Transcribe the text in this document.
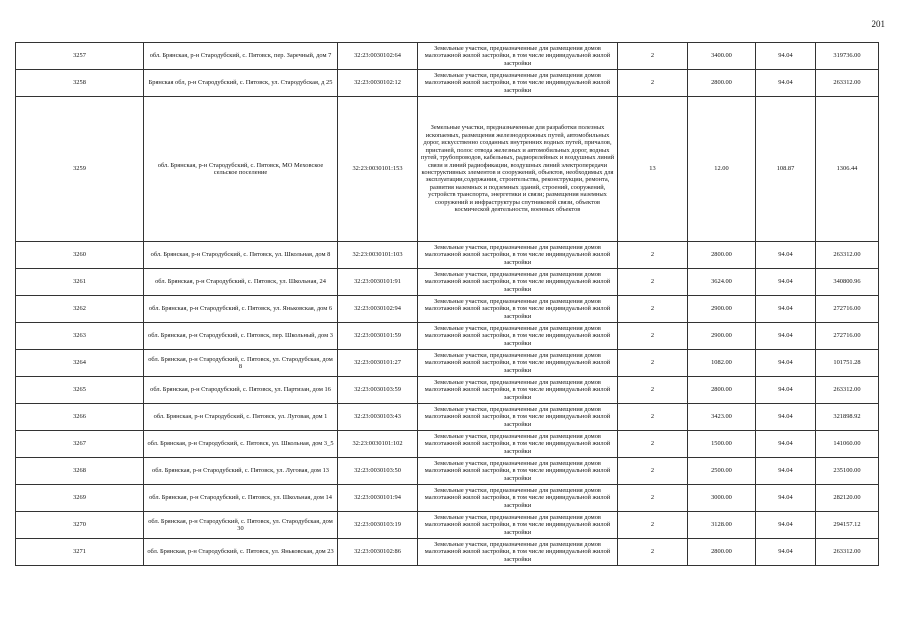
201
3257	обл. Брянская, р-н Стародубский, с. Пятовск, пер. Заречный, дом 7	32:23:0030102:64	Земельные участки, предназначенные для размещения домов малоэтажной жилой застройки, в том числе индивидуальной жилой застройки	2	3400.00	94.04	319736.00
3258	Брянская обл, р-н Стародубский, с. Пятовск, ул. Стародубская, д 25	32:23:0030102:12	Земельные участки, предназначенные для размещения домов малоэтажной жилой застройки, в том числе индивидуальной жилой застройки	2	2800.00	94.04	263312.00
3259	обл. Брянская, р-н Стародубский, с. Пятовск, МО Меховское сельское поселение	32:23:0030101:153	Земельные участки, предназначенные для разработки полезных ископаемых, размещения железнодорожных путей, автомобильных дорог, искусственно созданных внутренних водных путей, причалов, пристаней, полос отвода железных и автомобильных дорог, водных путей, трубопроводов, кабельных, радиорелейных и воздушных линий связи и линий радиофикации, воздушных линий электропередачи конструктивных элементов и сооружений, объектов, необходимых для эксплуатации,содержания, строительства, реконструкции, ремонта, развития наземных и подземных зданий, строений, сооружений, устройств транспорта, энергетики и связи; размещения наземных сооружений и инфраструктуры спутниковой связи, объектов космической деятельности, военных объектов	13	12.00	108.87	1306.44
3260	обл. Брянская, р-н Стародубский, с. Пятовск, ул. Школьная, дом 8	32:23:0030101:103	Земельные участки, предназначенные для размещения домов малоэтажной жилой застройки, в том числе индивидуальной жилой застройки	2	2800.00	94.04	263312.00
3261	обл. Брянская, р-н Стародубский, с. Пятовск, ул. Школьная, 24	32:23:0030101:91	Земельные участки, предназначенные для размещения домов малоэтажной жилой застройки, в том числе индивидуальной жилой застройки	2	3624.00	94.04	340800.96
3262	обл. Брянская, р-н Стародубский, с. Пятовск, ул. Яньковская, дом 6	32:23:0030102:94	Земельные участки, предназначенные для размещения домов малоэтажной жилой застройки, в том числе индивидуальной жилой застройки	2	2900.00	94.04	272716.00
3263	обл. Брянская, р-н Стародубский, с. Пятовск, пер. Школьный, дом 3	32:23:0030101:59	Земельные участки, предназначенные для размещения домов малоэтажной жилой застройки, в том числе индивидуальной жилой застройки	2	2900.00	94.04	272716.00
3264	обл. Брянская, р-н Стародубский, с. Пятовск, ул. Стародубская, дом 8	32:23:0030101:27	Земельные участки, предназначенные для размещения домов малоэтажной жилой застройки, в том числе индивидуальной жилой застройки	2	1082.00	94.04	101751.28
3265	обл. Брянская, р-н Стародубский, с. Пятовск, ул. Партизан, дом 16	32:23:0030103:59	Земельные участки, предназначенные для размещения домов малоэтажной жилой застройки, в том числе индивидуальной жилой застройки	2	2800.00	94.04	263312.00
3266	обл. Брянская, р-н Стародубский, с. Пятовск, ул. Луговая, дом 1	32:23:0030103:43	Земельные участки, предназначенные для размещения домов малоэтажной жилой застройки, в том числе индивидуальной жилой застройки	2	3423.00	94.04	321898.92
3267	обл. Брянская, р-н Стародубский, с. Пятовск, ул. Школьная, дом 3_5	32:23:0030101:102	Земельные участки, предназначенные для размещения домов малоэтажной жилой застройки, в том числе индивидуальной жилой застройки	2	1500.00	94.04	141060.00
3268	обл. Брянская, р-н Стародубский, с. Пятовск, ул. Луговая, дом 13	32:23:0030103:50	Земельные участки, предназначенные для размещения домов малоэтажной жилой застройки, в том числе индивидуальной жилой застройки	2	2500.00	94.04	235100.00
3269	обл. Брянская, р-н Стародубский, с. Пятовск, ул. Школьная, дом 14	32:23:0030101:94	Земельные участки, предназначенные для размещения домов малоэтажной жилой застройки, в том числе индивидуальной жилой застройки	2	3000.00	94.04	282120.00
3270	обл. Брянская, р-н Стародубский, с. Пятовск, ул. Стародубская, дом 30	32:23:0030103:19	Земельные участки, предназначенные для размещения домов малоэтажной жилой застройки, в том числе индивидуальной жилой застройки	2	3128.00	94.04	294157.12
3271	обл. Брянская, р-н Стародубский, с. Пятовск, ул. Яньковская, дом 23	32:23:0030102:86	Земельные участки, предназначенные для размещения домов малоэтажной жилой застройки, в том числе индивидуальной жилой застройки	2	2800.00	94.04	263312.00
